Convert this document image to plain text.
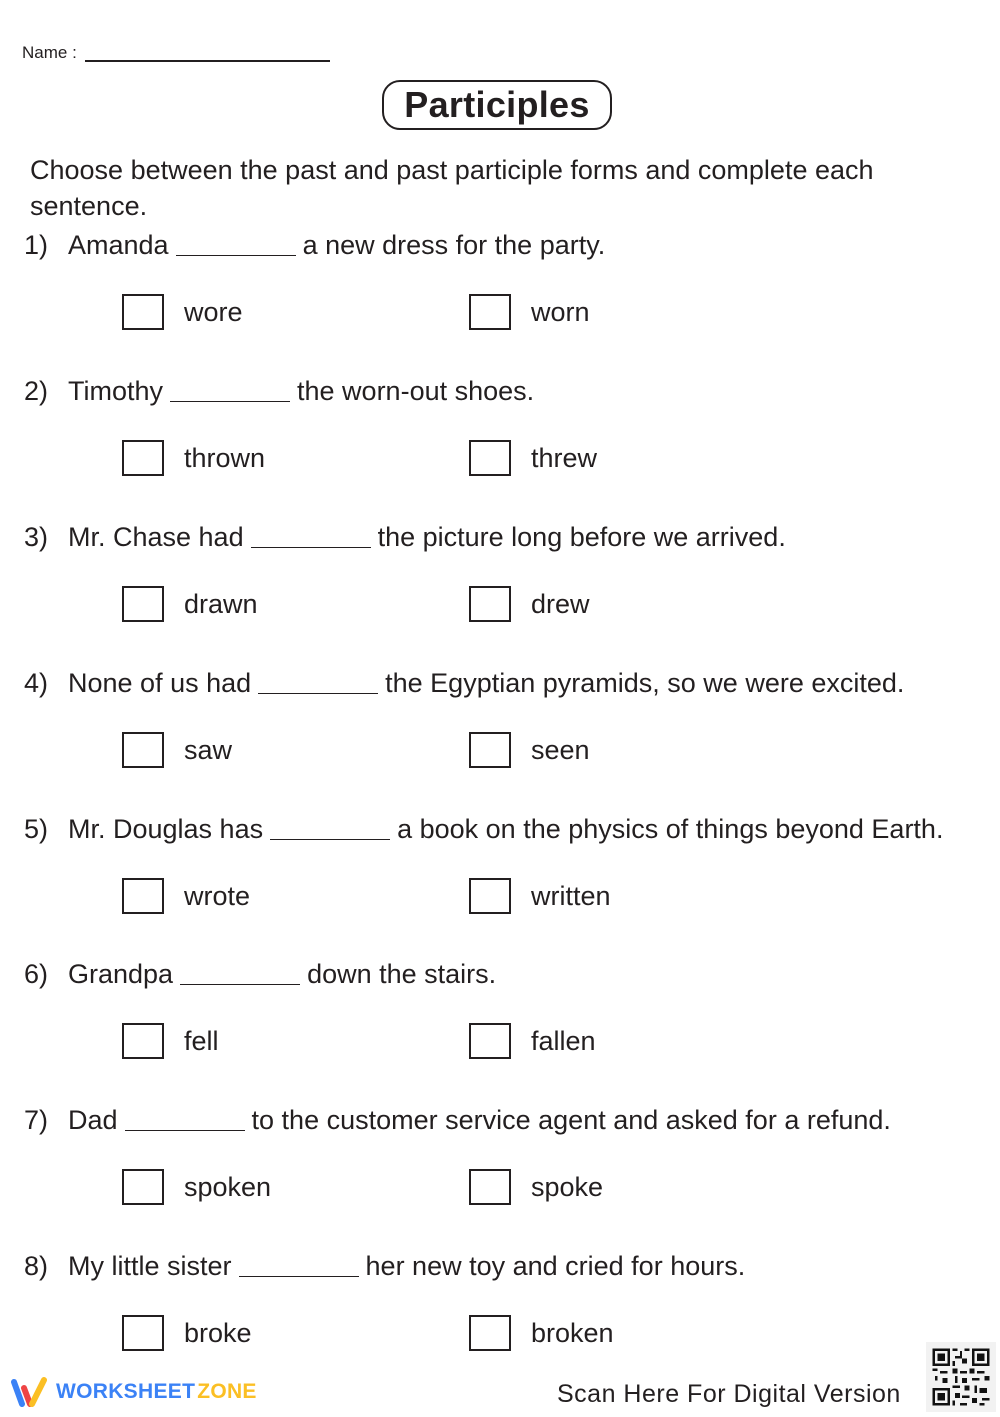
Name :
Participles
Choose between the past and past participle forms and complete each sentence.
1) Amanda	a new dress for the party.
wore	worn
2) Timothy	the worn-out shoes.
thrown	threw
3) Mr. Chase had	the picture long before we arrived.
drawn	drew
4) None of us had	the Egyptian pyramids, so we were excited.
saw	seen
5) Mr. Douglas has	a book on the physics of things beyond Earth.
wrote	written
6) Grandpa	down the stairs.
fell	fallen
7) Dad	to the customer service agent and asked for a refund.
spoken	spoke
8) My little sister	her new toy and cried for hours.
broke	broken
WORKSHEET ZONE	Scan Here For Digital Version
